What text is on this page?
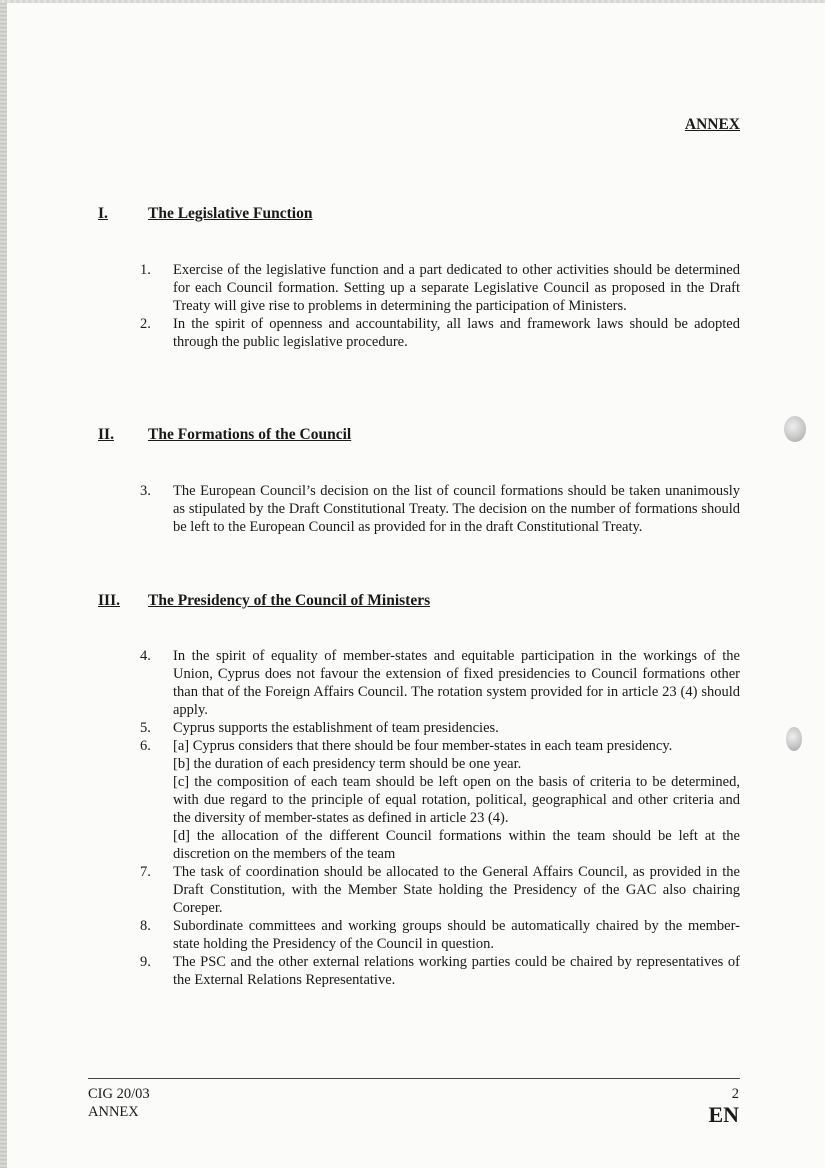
ANNEX
I.	The Legislative Function
1.	Exercise of the legislative function and a part dedicated to other activities should be determined for each Council formation. Setting up a separate Legislative Council as proposed in the Draft Treaty will give rise to problems in determining the participation of Ministers.

2.	In the spirit of openness and accountability, all laws and framework laws should be adopted through the public legislative procedure.

II.	The Formations of the Council
3.	The European Council’s decision on the list of council formations should be taken unanimously as stipulated by the Draft Constitutional Treaty. The decision on the number of formations should be left to the European Council as provided for in the draft Constitutional Treaty.

III.	The Presidency of the Council of Ministers
4.	In the spirit of equality of member-states and equitable participation in the workings of the Union, Cyprus does not favour the extension of fixed presidencies to Council formations other than that of the Foreign Affairs Council. The rotation system provided for in article 23 (4) should apply.

5.	Cyprus supports the establishment of team presidencies.

6.	[a] Cyprus considers that there should be four member-states in each team presidency.

[b] the duration of each presidency term should be one year.

[c] the composition of each team should be left open on the basis of criteria to be determined, with due regard to the principle of equal rotation, political, geographical and other criteria and the diversity of member-states as defined in article 23 (4).

[d] the allocation of the different Council formations within the team should be left at the discretion on the members of the team

7.	The task of coordination should be allocated to the General Affairs Council, as provided in the Draft Constitution, with the Member State holding the Presidency of the GAC also chairing Coreper.

8.	Subordinate committees and working groups should be automatically chaired by the member-state holding the Presidency of the Council in question.

9.	The PSC and the other external relations working parties could be chaired by representatives of the External Relations Representative.

CIG 20/03
ANNEX
2
EN
